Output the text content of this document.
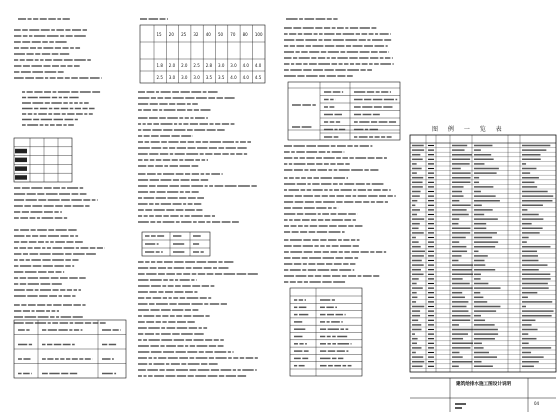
图 例 一 览 表
建筑给排水施工图设计说明
04
15 20 25 32 40 50 70 80 100
1.8 2.0 2.0 2.5 2.8 3.0 3.0 4.0 4.0
2.5 3.0 3.0 3.0 3.5 3.5 4.0 4.0 4.5
